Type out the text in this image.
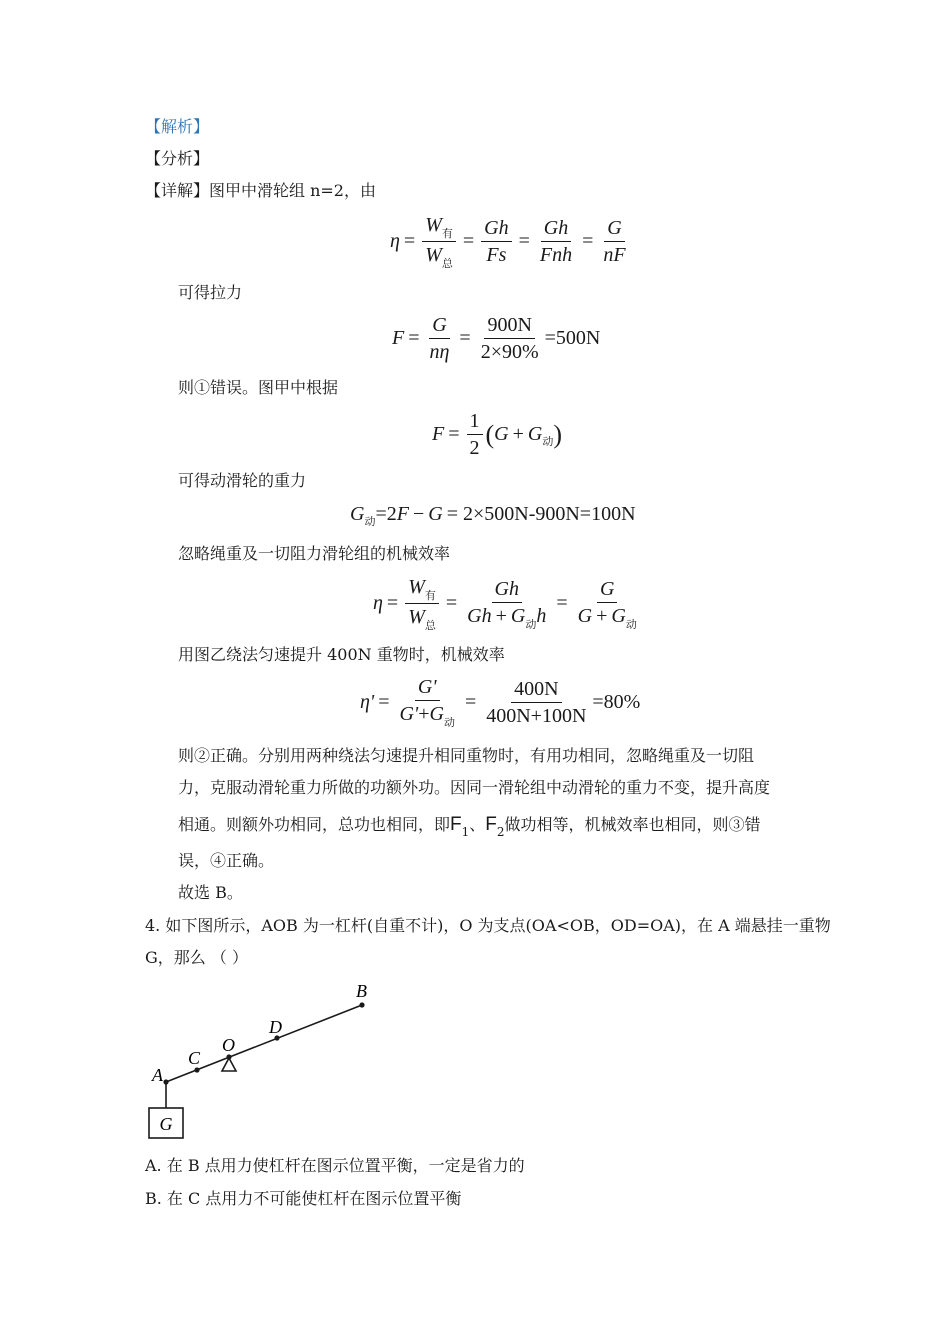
【解析】
【分析】
【详解】图甲中滑轮组 n=2，由
$\eta = \frac{W_有}{W_总} = \frac{Gh}{Fs} = \frac{Gh}{\text{Fnh}} = \frac{G}{nF}$
可得拉力
$F = \frac{G}{n\eta} = \frac{900N}{2\times 90\%} =500N$
则①错误。图甲中根据
$F = \frac{1}{2}$ ( G + G 动 )
可得动滑轮的重力
G 动 =2 F − G = 2×500N-900N=100N
忽略绳重及一切阻力滑轮组的机械效率
$\eta = \frac{W_有}{W_总} = \frac{Gh}{Gh + G_动h} = \frac{G}{G + G_动}$
用图乙绕法匀速提升 400N 重物时，机械效率
$\eta' = \frac{G'}{G'+G_动} = \frac{400N}{400N+100N} =80\%$
则②正确。分别用两种绕法匀速提升相同重物时，有用功相同，忽略绳重及一切阻
力，克服动滑轮重力所做的功额外功。因同一滑轮组中动滑轮的重力不变，提升高度
相通。则额外功相同，总功也相同，即$F_1$、$F_2$做功相等，机械效率也相同，则③错
误，④正确。
故选 B。
4. 如下图所示，AOB 为一杠杆(自重不计)，O 为支点(OA<OB，OD=OA)，在 A 端悬挂一重物
G，那么 （ ）
G
A
C
O
D
B
A. 在 B 点用力使杠杆在图示位置平衡，一定是省力的
B. 在 C 点用力不可能使杠杆在图示位置平衡
